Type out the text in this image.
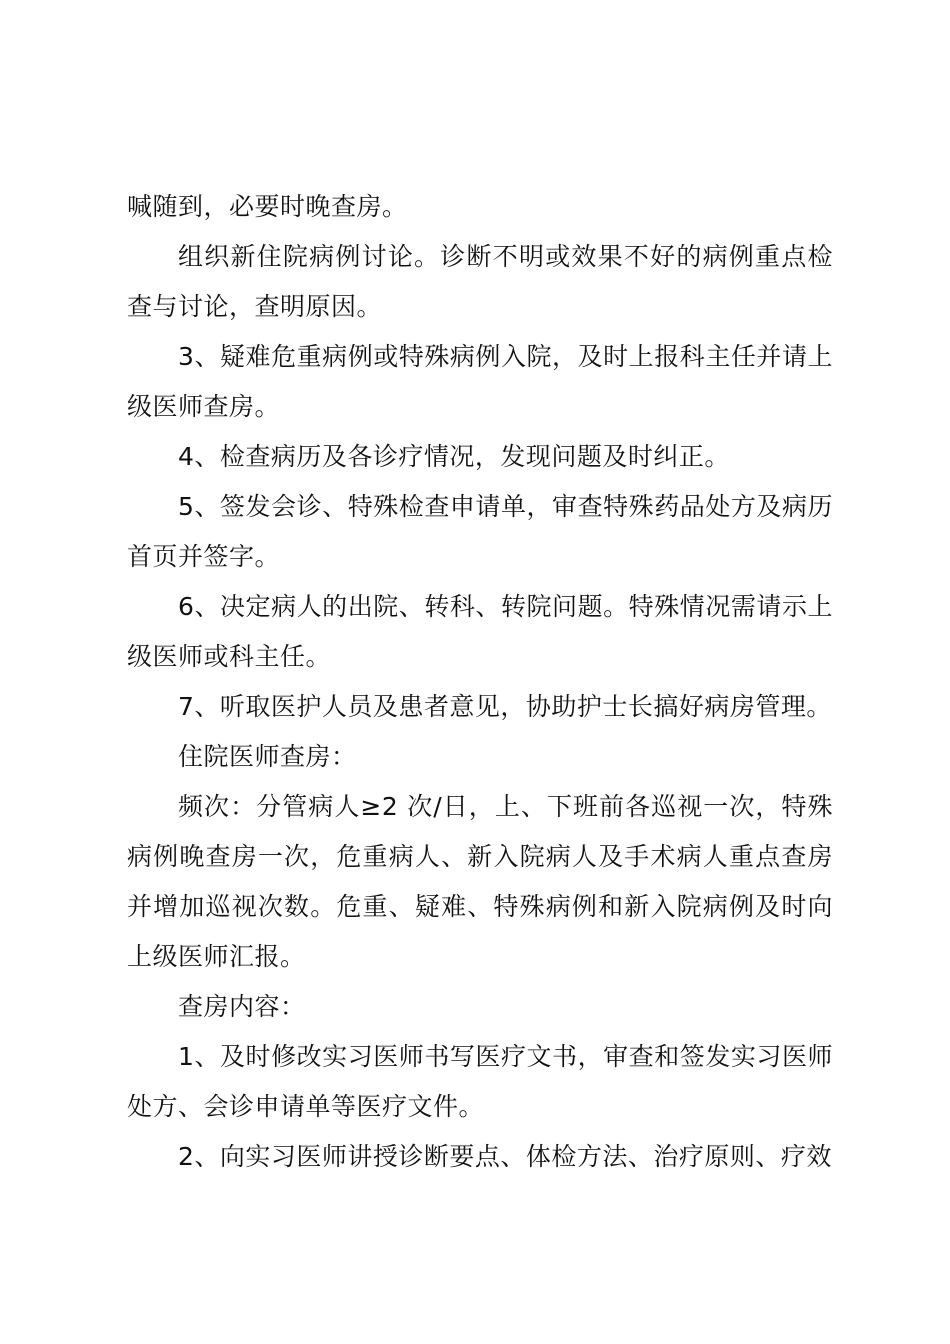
喊随到，必要时晚查房。

组织新住院病例讨论。诊断不明或效果不好的病例重点检查与讨论，查明原因。

3、疑难危重病例或特殊病例入院，及时上报科主任并请上级医师查房。

4、检查病历及各诊疗情况，发现问题及时纠正。

5、签发会诊、特殊检查申请单，审查特殊药品处方及病历首页并签字。

6、决定病人的出院、转科、转院问题。特殊情况需请示上级医师或科主任。

7、听取医护人员及患者意见，协助护士长搞好病房管理。

住院医师查房：

频次：分管病人≥2 次/日，上、下班前各巡视一次，特殊病例晚查房一次，危重病人、新入院病人及手术病人重点查房并增加巡视次数。危重、疑难、特殊病例和新入院病例及时向上级医师汇报。

查房内容：

1、及时修改实习医师书写医疗文书，审查和签发实习医师处方、会诊申请单等医疗文件。

2、向实习医师讲授诊断要点、体检方法、治疗原则、疗效
